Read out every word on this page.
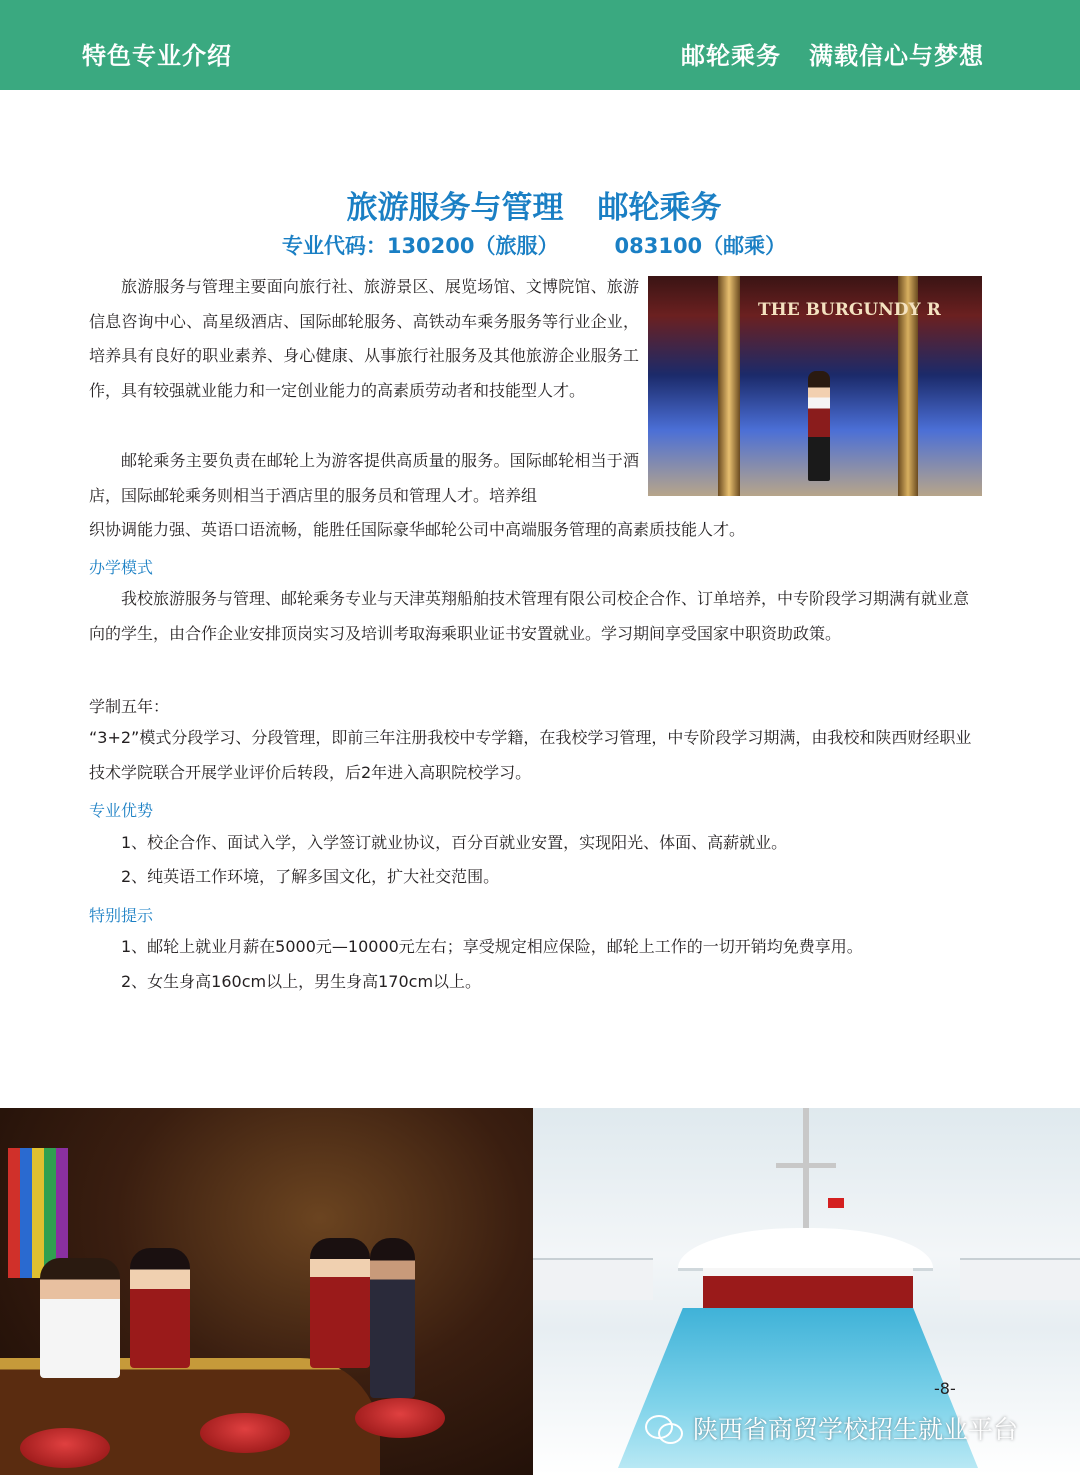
特色专业介绍	邮轮乘务 满载信心与梦想
旅游服务与管理 邮轮乘务
专业代码：130200（旅服）	083100（邮乘）

旅游服务与管理主要面向旅行社、旅游景区、展览场馆、文博院馆、旅游信息咨询中心、高星级酒店、国际邮轮服务、高铁动车乘务服务等行业企业，培养具有良好的职业素养、身心健康、从事旅行社服务及其他旅游企业服务工作，具有较强就业能力和一定创业能力的高素质劳动者和技能型人才。

邮轮乘务主要负责在邮轮上为游客提供高质量的服务。国际邮轮相当于酒店，国际邮轮乘务则相当于酒店里的服务员和管理人才。培养组

织协调能力强、英语口语流畅，能胜任国际豪华邮轮公司中高端服务管理的高素质技能人才。

THE BURGUNDY R
办学模式

我校旅游服务与管理、邮轮乘务专业与天津英翔船舶技术管理有限公司校企合作、订单培养，中专阶段学习期满有就业意向的学生，由合作企业安排顶岗实习及培训考取海乘职业证书安置就业。学习期间享受国家中职资助政策。

学制五年：

“3+2”模式分段学习、分段管理，即前三年注册我校中专学籍，在我校学习管理，中专阶段学习期满，由我校和陕西财经职业技术学院联合开展学业评价后转段，后2年进入高职院校学习。

专业优势

1、校企合作、面试入学，入学签订就业协议，百分百就业安置，实现阳光、体面、高薪就业。

2、纯英语工作环境，了解多国文化，扩大社交范围。

特别提示

1、邮轮上就业月薪在5000元—10000元左右；享受规定相应保险，邮轮上工作的一切开销均免费享用。

2、女生身高160cm以上，男生身高170cm以上。

-8-
陕西省商贸学校招生就业平台
